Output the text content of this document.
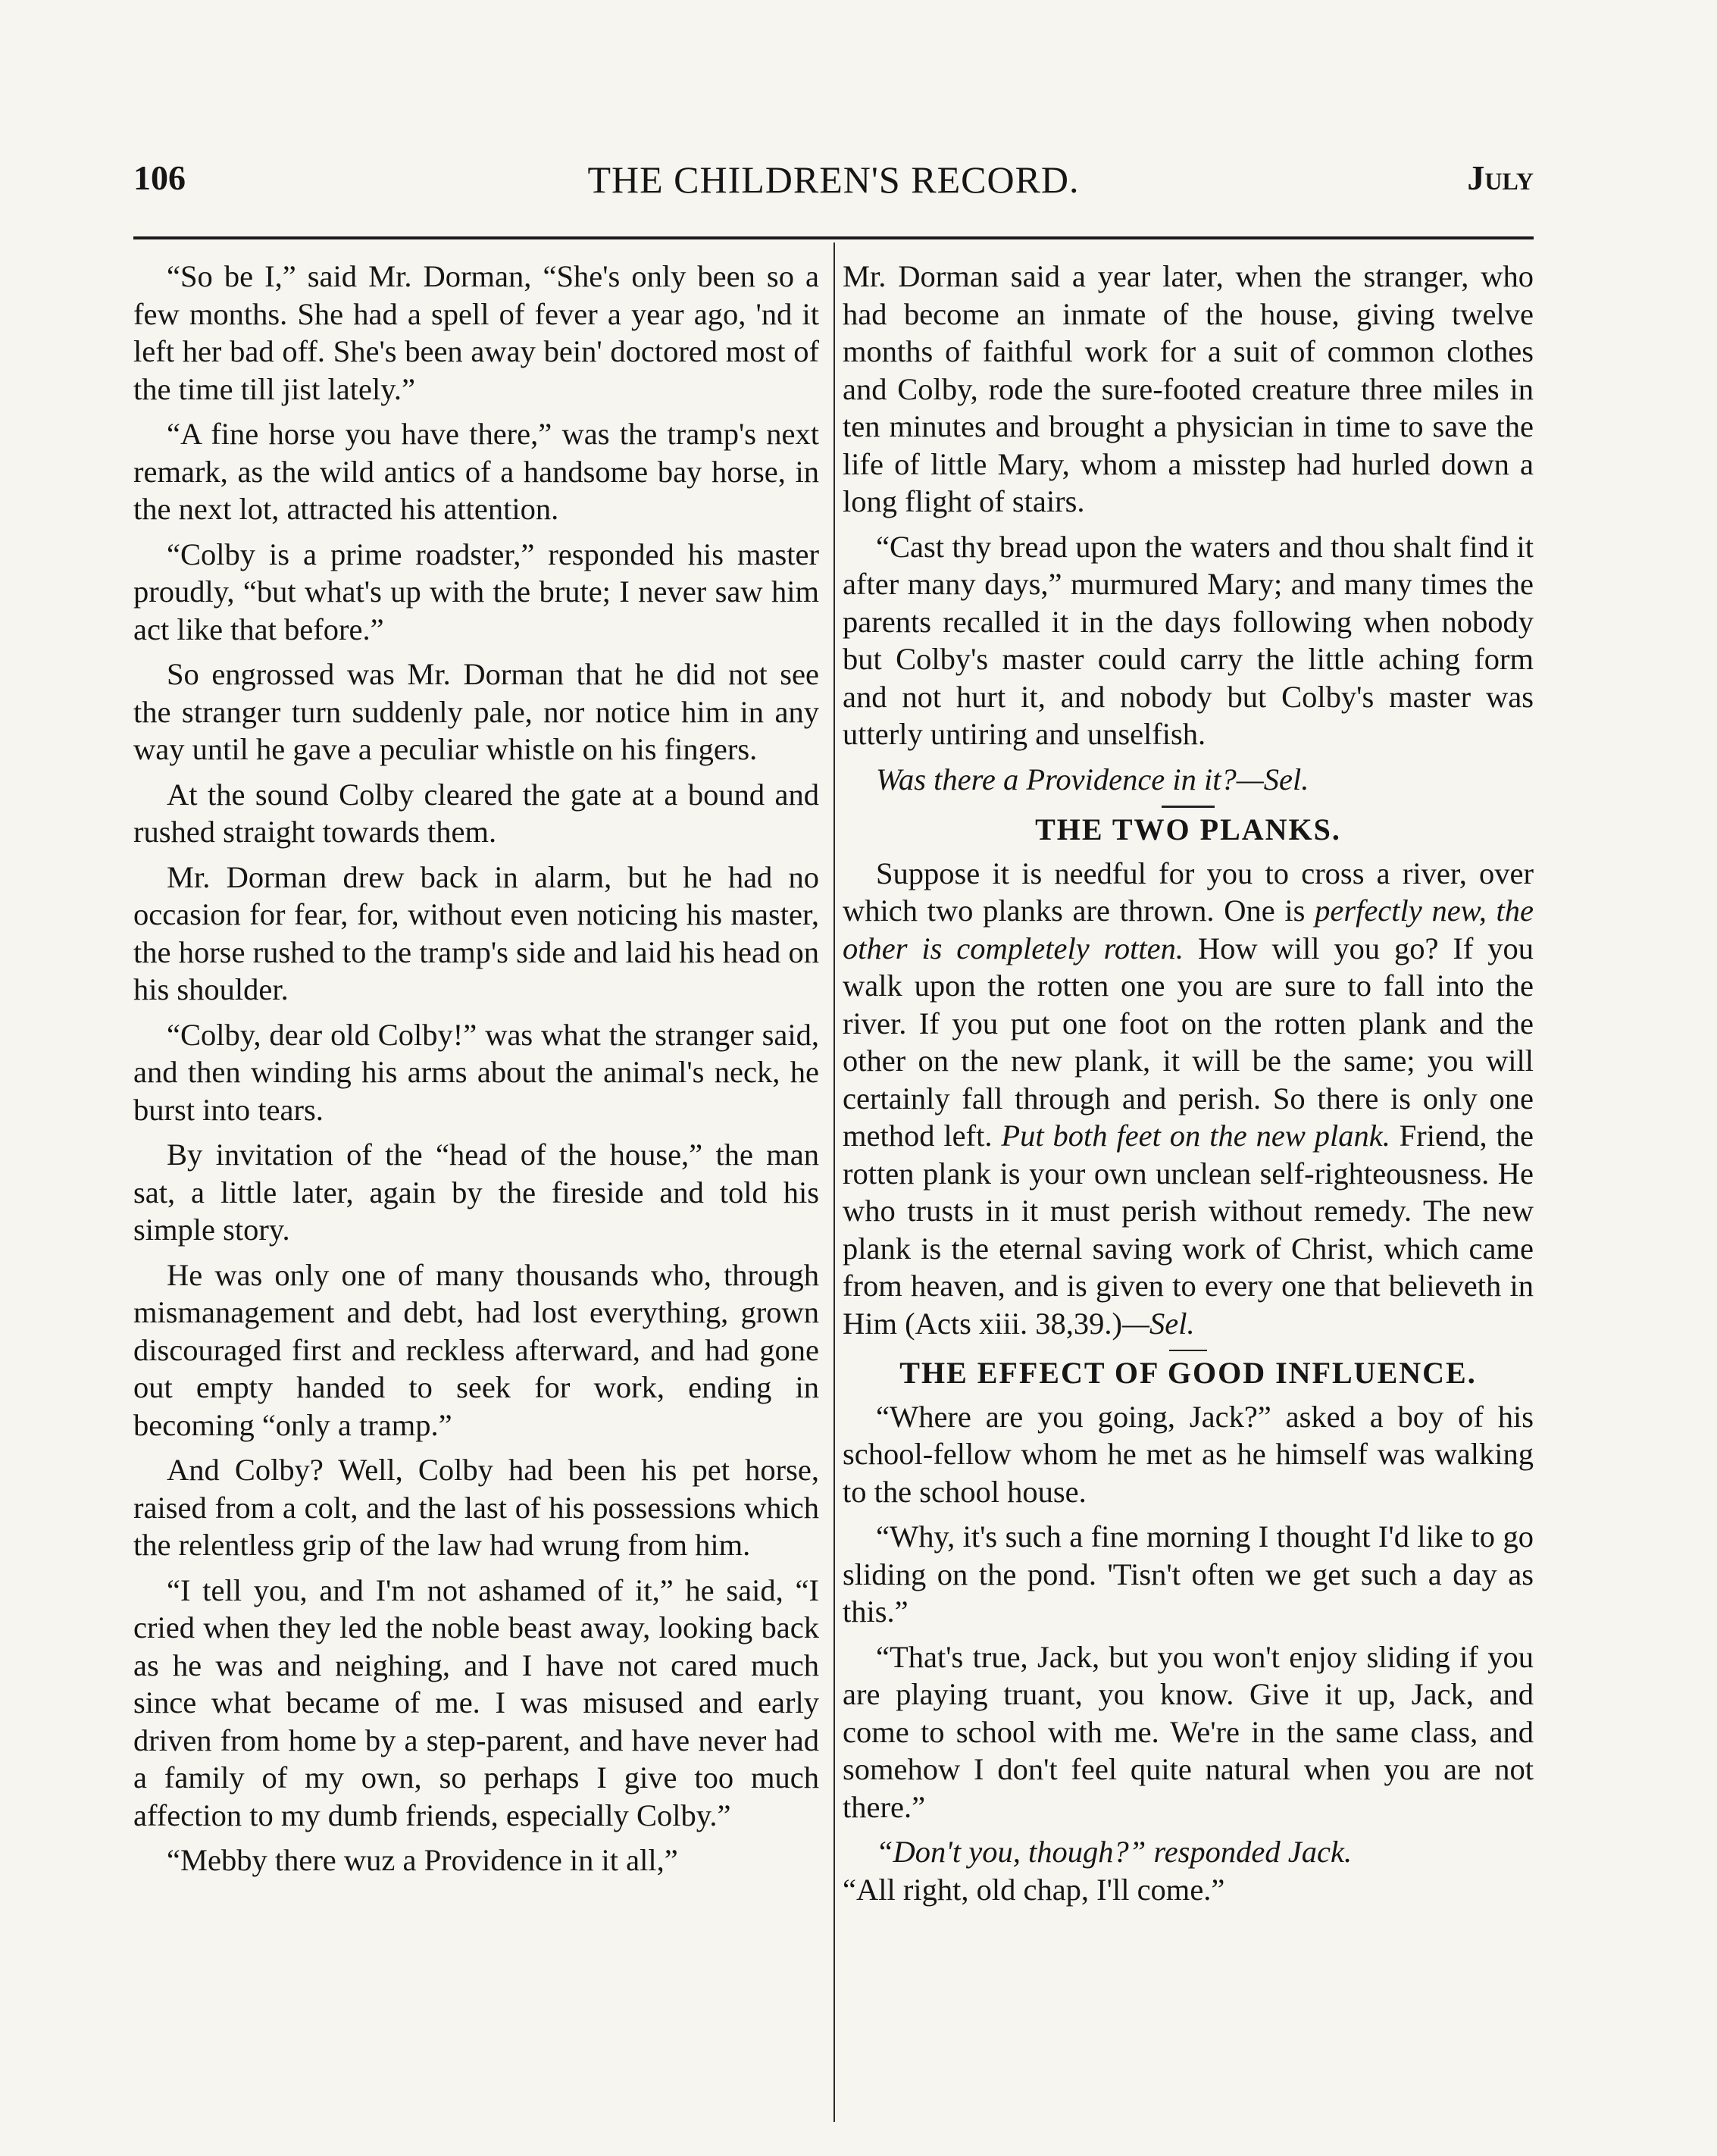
106	THE CHILDREN'S RECORD.	July

“So be I,” said Mr. Dorman, “She's only been so a few months. She had a spell of fever a year ago, 'nd it left her bad off. She's been away bein' doctored most of the time till jist lately.”

“A fine horse you have there,” was the tramp's next remark, as the wild antics of a handsome bay horse, in the next lot, attracted his attention.

“Colby is a prime roadster,” responded his master proudly, “but what's up with the brute; I never saw him act like that before.”

So engrossed was Mr. Dorman that he did not see the stranger turn suddenly pale, nor notice him in any way until he gave a peculiar whistle on his fingers.

At the sound Colby cleared the gate at a bound and rushed straight towards them.

Mr. Dorman drew back in alarm, but he had no occasion for fear, for, without even noticing his master, the horse rushed to the tramp's side and laid his head on his shoulder.

“Colby, dear old Colby!” was what the stranger said, and then winding his arms about the animal's neck, he burst into tears.

By invitation of the “head of the house,” the man sat, a little later, again by the fireside and told his simple story.

He was only one of many thousands who, through mismanagement and debt, had lost everything, grown discouraged first and reckless afterward, and had gone out empty handed to seek for work, ending in becoming “only a tramp.”

And Colby? Well, Colby had been his pet horse, raised from a colt, and the last of his possessions which the relentless grip of the law had wrung from him.

“I tell you, and I'm not ashamed of it,” he said, “I cried when they led the noble beast away, looking back as he was and neighing, and I have not cared much since what became of me. I was misused and early driven from home by a step-parent, and have never had a family of my own, so perhaps I give too much affection to my dumb friends, especially Colby.”

“Mebby there wuz a Providence in it all,”

Mr. Dorman said a year later, when the stranger, who had become an inmate of the house, giving twelve months of faithful work for a suit of common clothes and Colby, rode the sure-footed creature three miles in ten minutes and brought a physician in time to save the life of little Mary, whom a misstep had hurled down a long flight of stairs.

“Cast thy bread upon the waters and thou shalt find it after many days,” murmured Mary; and many times the parents recalled it in the days following when nobody but Colby's master could carry the little aching form and not hurt it, and nobody but Colby's master was utterly untiring and unselfish.

Was there a Providence in it?—Sel.

THE TWO PLANKS.

Suppose it is needful for you to cross a river, over which two planks are thrown. One is perfectly new, the other is completely rotten. How will you go? If you walk upon the rotten one you are sure to fall into the river. If you put one foot on the rotten plank and the other on the new plank, it will be the same; you will certainly fall through and perish. So there is only one method left. Put both feet on the new plank. Friend, the rotten plank is your own unclean self-righteousness. He who trusts in it must perish without remedy. The new plank is the eternal saving work of Christ, which came from heaven, and is given to every one that believeth in Him (Acts xiii. 38,39.)—Sel.

THE EFFECT OF GOOD INFLUENCE.

“Where are you going, Jack?” asked a boy of his school-fellow whom he met as he himself was walking to the school house.

“Why, it's such a fine morning I thought I'd like to go sliding on the pond. 'Tisn't often we get such a day as this.”

“That's true, Jack, but you won't enjoy sliding if you are playing truant, you know. Give it up, Jack, and come to school with me. We're in the same class, and somehow I don't feel quite natural when you are not there.”

“Don't you, though?” responded Jack.

“All right, old chap, I'll come.”
